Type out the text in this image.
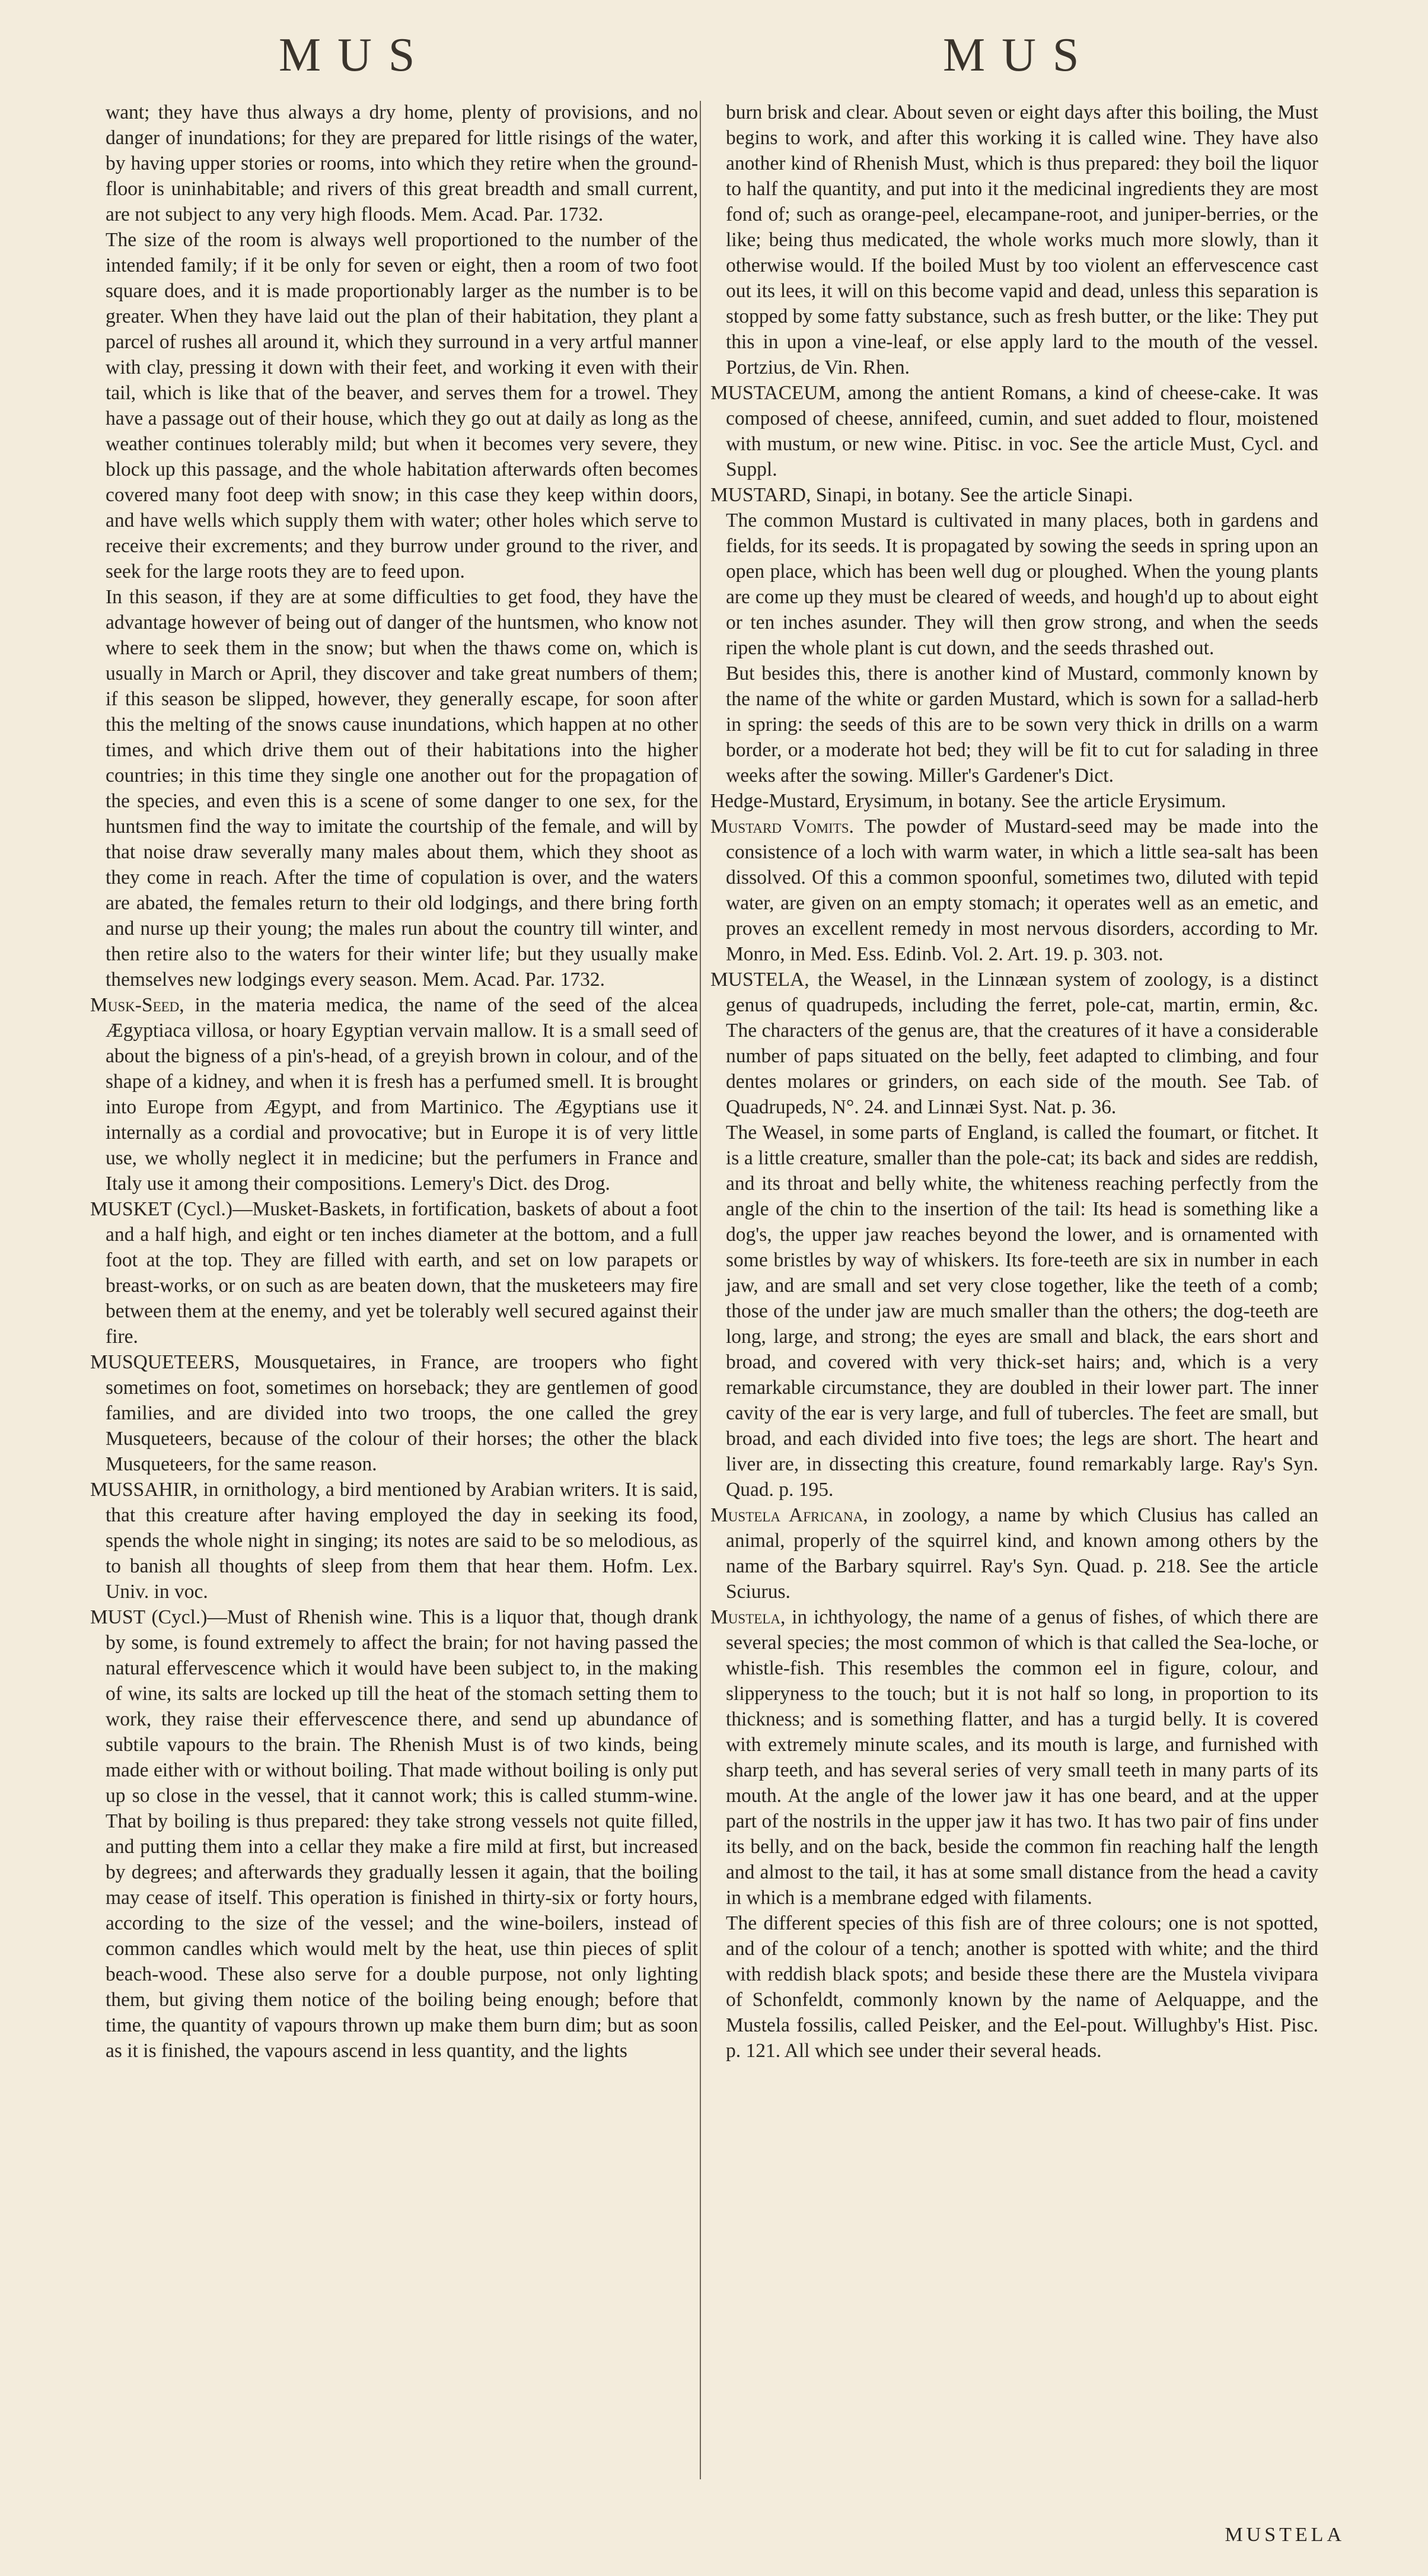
MUS	MUS

want; they have thus always a dry home, plenty of provisions, and no danger of inundations; for they are prepared for little risings of the water, by having upper stories or rooms, into which they retire when the ground-floor is uninhabitable; and rivers of this great breadth and small current, are not subject to any very high floods. Mem. Acad. Par. 1732.

The size of the room is always well proportioned to the number of the intended family; if it be only for seven or eight, then a room of two foot square does, and it is made proportionably larger as the number is to be greater. When they have laid out the plan of their habitation, they plant a parcel of rushes all around it, which they surround in a very artful manner with clay, pressing it down with their feet, and working it even with their tail, which is like that of the beaver, and serves them for a trowel. They have a passage out of their house, which they go out at daily as long as the weather continues tolerably mild; but when it becomes very severe, they block up this passage, and the whole habitation afterwards often becomes covered many foot deep with snow; in this case they keep within doors, and have wells which supply them with water; other holes which serve to receive their excrements; and they burrow under ground to the river, and seek for the large roots they are to feed upon.

In this season, if they are at some difficulties to get food, they have the advantage however of being out of danger of the huntsmen, who know not where to seek them in the snow; but when the thaws come on, which is usually in March or April, they discover and take great numbers of them; if this season be slipped, however, they generally escape, for soon after this the melting of the snows cause inundations, which happen at no other times, and which drive them out of their habitations into the higher countries; in this time they single one another out for the propagation of the species, and even this is a scene of some danger to one sex, for the huntsmen find the way to imitate the courtship of the female, and will by that noise draw severally many males about them, which they shoot as they come in reach. After the time of copulation is over, and the waters are abated, the females return to their old lodgings, and there bring forth and nurse up their young; the males run about the country till winter, and then retire also to the waters for their winter life; but they usually make themselves new lodgings every season. Mem. Acad. Par. 1732.

Musk-Seed, in the materia medica, the name of the seed of the alcea Ægyptiaca villosa, or hoary Egyptian vervain mallow. It is a small seed of about the bigness of a pin's-head, of a greyish brown in colour, and of the shape of a kidney, and when it is fresh has a perfumed smell. It is brought into Europe from Ægypt, and from Martinico. The Ægyptians use it internally as a cordial and provocative; but in Europe it is of very little use, we wholly neglect it in medicine; but the perfumers in France and Italy use it among their compositions. Lemery's Dict. des Drog.

MUSKET (Cycl.)—Musket-Baskets, in fortification, baskets of about a foot and a half high, and eight or ten inches diameter at the bottom, and a full foot at the top. They are filled with earth, and set on low parapets or breast-works, or on such as are beaten down, that the musketeers may fire between them at the enemy, and yet be tolerably well secured against their fire.

MUSQUETEERS, Mousquetaires, in France, are troopers who fight sometimes on foot, sometimes on horseback; they are gentlemen of good families, and are divided into two troops, the one called the grey Musqueteers, because of the colour of their horses; the other the black Musqueteers, for the same reason.

MUSSAHIR, in ornithology, a bird mentioned by Arabian writers. It is said, that this creature after having employed the day in seeking its food, spends the whole night in singing; its notes are said to be so melodious, as to banish all thoughts of sleep from them that hear them. Hofm. Lex. Univ. in voc.

MUST (Cycl.)—Must of Rhenish wine. This is a liquor that, though drank by some, is found extremely to affect the brain; for not having passed the natural effervescence which it would have been subject to, in the making of wine, its salts are locked up till the heat of the stomach setting them to work, they raise their effervescence there, and send up abundance of subtile vapours to the brain. The Rhenish Must is of two kinds, being made either with or without boiling. That made without boiling is only put up so close in the vessel, that it cannot work; this is called stumm-wine. That by boiling is thus prepared: they take strong vessels not quite filled, and putting them into a cellar they make a fire mild at first, but increased by degrees; and afterwards they gradually lessen it again, that the boiling may cease of itself. This operation is finished in thirty-six or forty hours, according to the size of the vessel; and the wine-boilers, instead of common candles which would melt by the heat, use thin pieces of split beach-wood. These also serve for a double purpose, not only lighting them, but giving them notice of the boiling being enough; before that time, the quantity of vapours thrown up make them burn dim; but as soon as it is finished, the vapours ascend in less quantity, and the lights

burn brisk and clear. About seven or eight days after this boiling, the Must begins to work, and after this working it is called wine. They have also another kind of Rhenish Must, which is thus prepared: they boil the liquor to half the quantity, and put into it the medicinal ingredients they are most fond of; such as orange-peel, elecampane-root, and juniper-berries, or the like; being thus medicated, the whole works much more slowly, than it otherwise would. If the boiled Must by too violent an effervescence cast out its lees, it will on this become vapid and dead, unless this separation is stopped by some fatty substance, such as fresh butter, or the like: They put this in upon a vine-leaf, or else apply lard to the mouth of the vessel. Portzius, de Vin. Rhen.

MUSTACEUM, among the antient Romans, a kind of cheese-cake. It was composed of cheese, annifeed, cumin, and suet added to flour, moistened with mustum, or new wine. Pitisc. in voc. See the article Must, Cycl. and Suppl.

MUSTARD, Sinapi, in botany. See the article Sinapi.

The common Mustard is cultivated in many places, both in gardens and fields, for its seeds. It is propagated by sowing the seeds in spring upon an open place, which has been well dug or ploughed. When the young plants are come up they must be cleared of weeds, and hough'd up to about eight or ten inches asunder. They will then grow strong, and when the seeds ripen the whole plant is cut down, and the seeds thrashed out.

But besides this, there is another kind of Mustard, commonly known by the name of the white or garden Mustard, which is sown for a sallad-herb in spring: the seeds of this are to be sown very thick in drills on a warm border, or a moderate hot bed; they will be fit to cut for salading in three weeks after the sowing. Miller's Gardener's Dict.

Hedge-Mustard, Erysimum, in botany. See the article Erysimum.

Mustard Vomits. The powder of Mustard-seed may be made into the consistence of a loch with warm water, in which a little sea-salt has been dissolved. Of this a common spoonful, sometimes two, diluted with tepid water, are given on an empty stomach; it operates well as an emetic, and proves an excellent remedy in most nervous disorders, according to Mr. Monro, in Med. Ess. Edinb. Vol. 2. Art. 19. p. 303. not.

MUSTELA, the Weasel, in the Linnæan system of zoology, is a distinct genus of quadrupeds, including the ferret, pole-cat, martin, ermin, &c. The characters of the genus are, that the creatures of it have a considerable number of paps situated on the belly, feet adapted to climbing, and four dentes molares or grinders, on each side of the mouth. See Tab. of Quadrupeds, N°. 24. and Linnæi Syst. Nat. p. 36.

The Weasel, in some parts of England, is called the foumart, or fitchet. It is a little creature, smaller than the pole-cat; its back and sides are reddish, and its throat and belly white, the whiteness reaching perfectly from the angle of the chin to the insertion of the tail: Its head is something like a dog's, the upper jaw reaches beyond the lower, and is ornamented with some bristles by way of whiskers. Its fore-teeth are six in number in each jaw, and are small and set very close together, like the teeth of a comb; those of the under jaw are much smaller than the others; the dog-teeth are long, large, and strong; the eyes are small and black, the ears short and broad, and covered with very thick-set hairs; and, which is a very remarkable circumstance, they are doubled in their lower part. The inner cavity of the ear is very large, and full of tubercles. The feet are small, but broad, and each divided into five toes; the legs are short. The heart and liver are, in dissecting this creature, found remarkably large. Ray's Syn. Quad. p. 195.

Mustela Africana, in zoology, a name by which Clusius has called an animal, properly of the squirrel kind, and known among others by the name of the Barbary squirrel. Ray's Syn. Quad. p. 218. See the article Sciurus.

Mustela, in ichthyology, the name of a genus of fishes, of which there are several species; the most common of which is that called the Sea-loche, or whistle-fish. This resembles the common eel in figure, colour, and slipperyness to the touch; but it is not half so long, in proportion to its thickness; and is something flatter, and has a turgid belly. It is covered with extremely minute scales, and its mouth is large, and furnished with sharp teeth, and has several series of very small teeth in many parts of its mouth. At the angle of the lower jaw it has one beard, and at the upper part of the nostrils in the upper jaw it has two. It has two pair of fins under its belly, and on the back, beside the common fin reaching half the length and almost to the tail, it has at some small distance from the head a cavity in which is a membrane edged with filaments.

The different species of this fish are of three colours; one is not spotted, and of the colour of a tench; another is spotted with white; and the third with reddish black spots; and beside these there are the Mustela vivipara of Schonfeldt, commonly known by the name of Aelquappe, and the Mustela fossilis, called Peisker, and the Eel-pout. Willughby's Hist. Pisc. p. 121. All which see under their several heads.

MUSTELA
